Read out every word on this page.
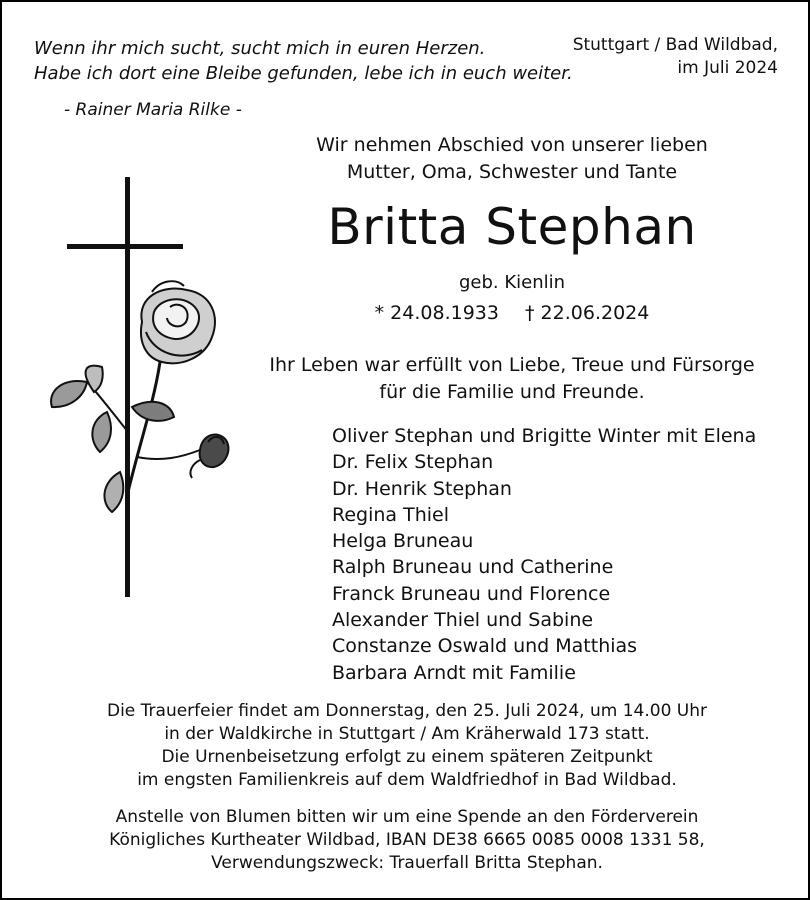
Wenn ihr mich sucht, sucht mich in euren Herzen.
Habe ich dort eine Bleibe gefunden, lebe ich in euch weiter.
- Rainer Maria Rilke -
Stuttgart / Bad Wildbad,
im Juli 2024
Wir nehmen Abschied von unserer lieben
Mutter, Oma, Schwester und Tante
Britta Stephan
geb. Kienlin
* 24.08.1933 † 22.06.2024
Ihr Leben war erfüllt von Liebe, Treue und Fürsorge
für die Familie und Freunde.
Oliver Stephan und Brigitte Winter mit Elena
Dr. Felix Stephan
Dr. Henrik Stephan
Regina Thiel
Helga Bruneau
Ralph Bruneau und Catherine
Franck Bruneau und Florence
Alexander Thiel und Sabine
Constanze Oswald und Matthias
Barbara Arndt mit Familie
Die Trauerfeier findet am Donnerstag, den 25. Juli 2024, um 14.00 Uhr
in der Waldkirche in Stuttgart / Am Kräherwald 173 statt.
Die Urnenbeisetzung erfolgt zu einem späteren Zeitpunkt
im engsten Familienkreis auf dem Waldfriedhof in Bad Wildbad.
Anstelle von Blumen bitten wir um eine Spende an den Förderverein
Königliches Kurtheater Wildbad, IBAN DE38 6665 0085 0008 1331 58,
Verwendungszweck: Trauerfall Britta Stephan.
